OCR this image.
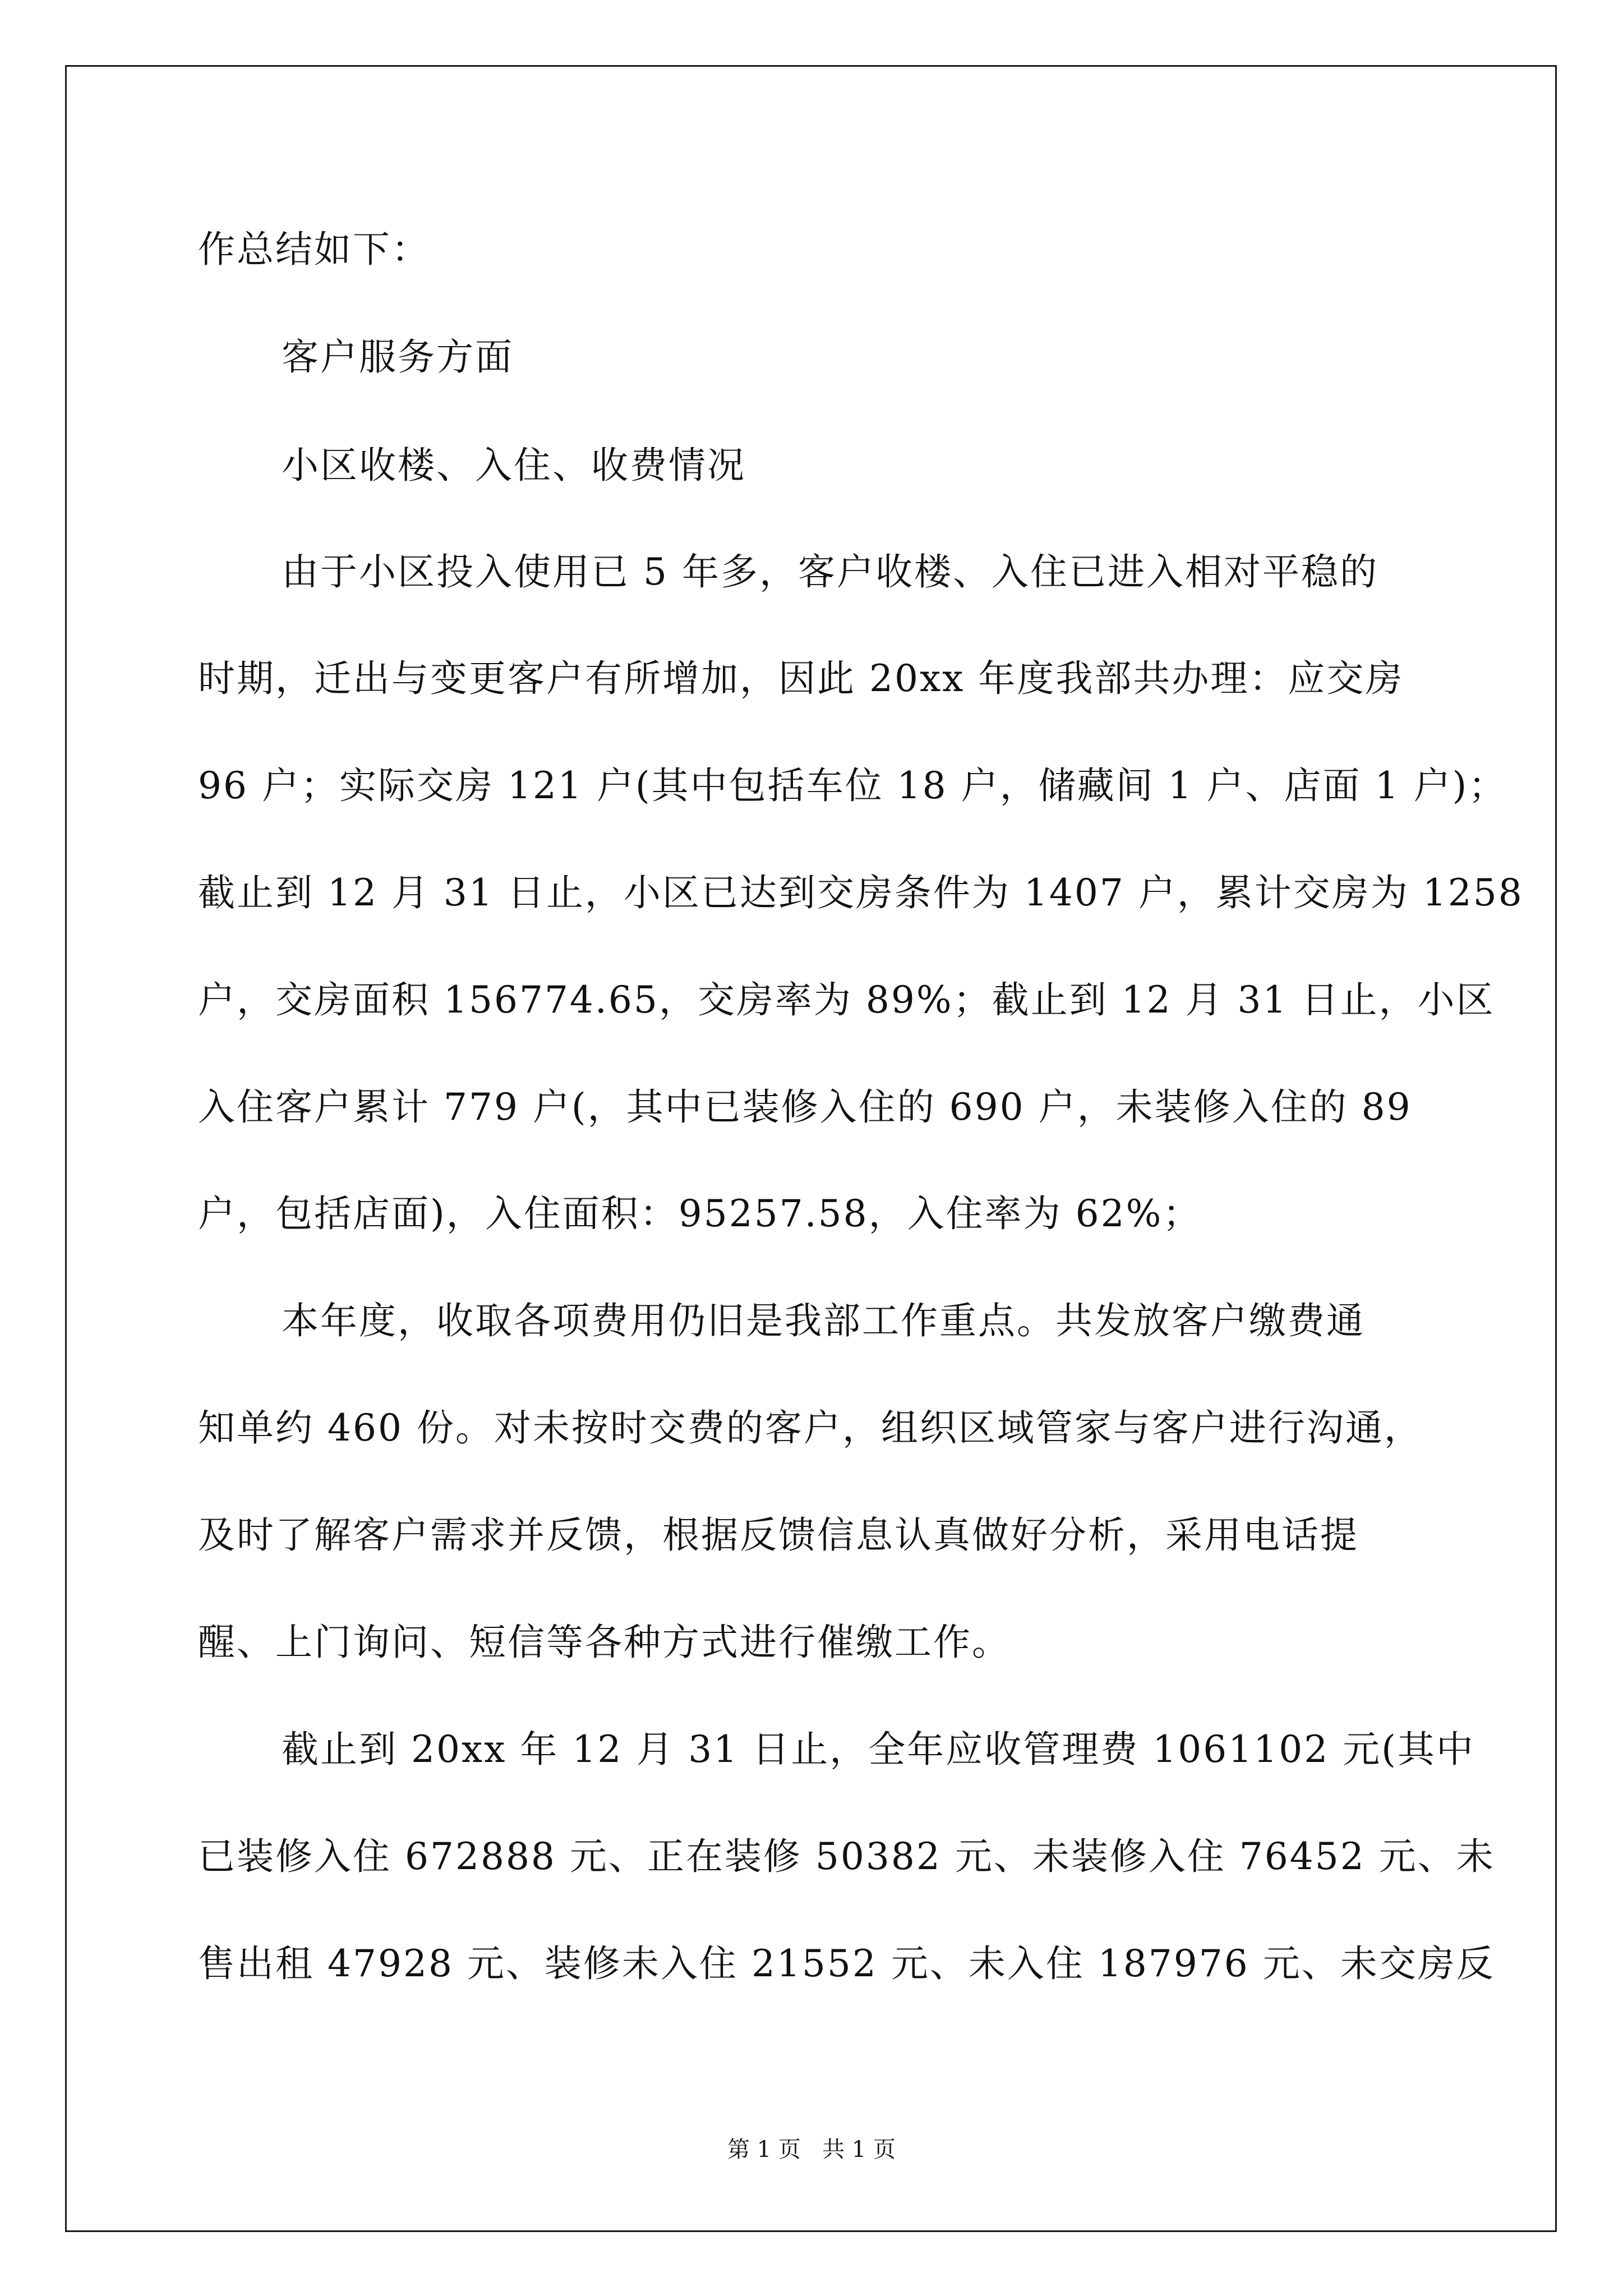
作总结如下：

客户服务方面

小区收楼、入住、收费情况

由于小区投入使用已 5 年多，客户收楼、入住已进入相对平稳的

时期，迁出与变更客户有所增加，因此 20xx 年度我部共办理：应交房

96 户；实际交房 121 户(其中包括车位 18 户，储藏间 1 户、店面 1 户)；

截止到 12 月 31 日止，小区已达到交房条件为 1407 户，累计交房为 1258

户，交房面积 156774.65，交房率为 89%；截止到 12 月 31 日止，小区

入住客户累计 779 户(，其中已装修入住的 690 户，未装修入住的 89

户，包括店面)，入住面积：95257.58，入住率为 62%；

本年度，收取各项费用仍旧是我部工作重点。共发放客户缴费通

知单约 460 份。对未按时交费的客户，组织区域管家与客户进行沟通，

及时了解客户需求并反馈，根据反馈信息认真做好分析，采用电话提

醒、上门询问、短信等各种方式进行催缴工作。

截止到 20xx 年 12 月 31 日止，全年应收管理费 1061102 元(其中

已装修入住 672888 元、正在装修 50382 元、未装修入住 76452 元、未

售出租 47928 元、装修未入住 21552 元、未入住 187976 元、未交房反

第 1 页   共 1 页
